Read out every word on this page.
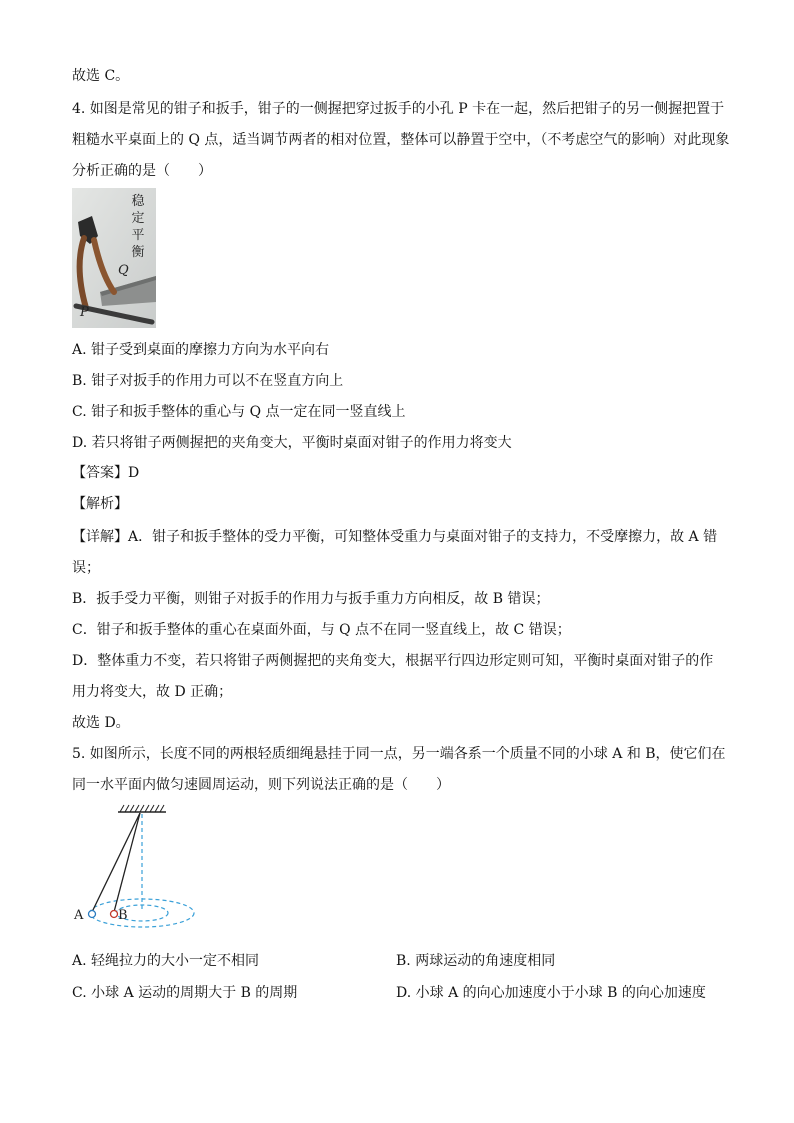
故选 C。
4. 如图是常见的钳子和扳手，钳子的一侧握把穿过扳手的小孔 P 卡在一起，然后把钳子的另一侧握把置于
粗糙水平桌面上的 Q 点，适当调节两者的相对位置，整体可以静置于空中，（不考虑空气的影响）对此现象
分析正确的是（　　）
稳
定
平
衡
Q
P
A. 钳子受到桌面的摩擦力方向为水平向右
B. 钳子对扳手的作用力可以不在竖直方向上
C. 钳子和扳手整体的重心与 Q 点一定在同一竖直线上
D. 若只将钳子两侧握把的夹角变大，平衡时桌面对钳子的作用力将变大
【答案】D
【解析】
【详解】A．钳子和扳手整体的受力平衡，可知整体受重力与桌面对钳子的支持力，不受摩擦力，故 A 错
误；
B．扳手受力平衡，则钳子对扳手的作用力与扳手重力方向相反，故 B 错误；
C．钳子和扳手整体的重心在桌面外面，与 Q 点不在同一竖直线上，故 C 错误；
D．整体重力不变，若只将钳子两侧握把的夹角变大，根据平行四边形定则可知，平衡时桌面对钳子的作
用力将变大，故 D 正确；
故选 D。
5. 如图所示，长度不同的两根轻质细绳悬挂于同一点，另一端各系一个质量不同的小球 A 和 B，使它们在
同一水平面内做匀速圆周运动，则下列说法正确的是（　　）
A	B
A. 轻绳拉力的大小一定不相同	B. 两球运动的角速度相同
C. 小球 A 运动的周期大于 B 的周期	D. 小球 A 的向心加速度小于小球 B 的向心加速度
